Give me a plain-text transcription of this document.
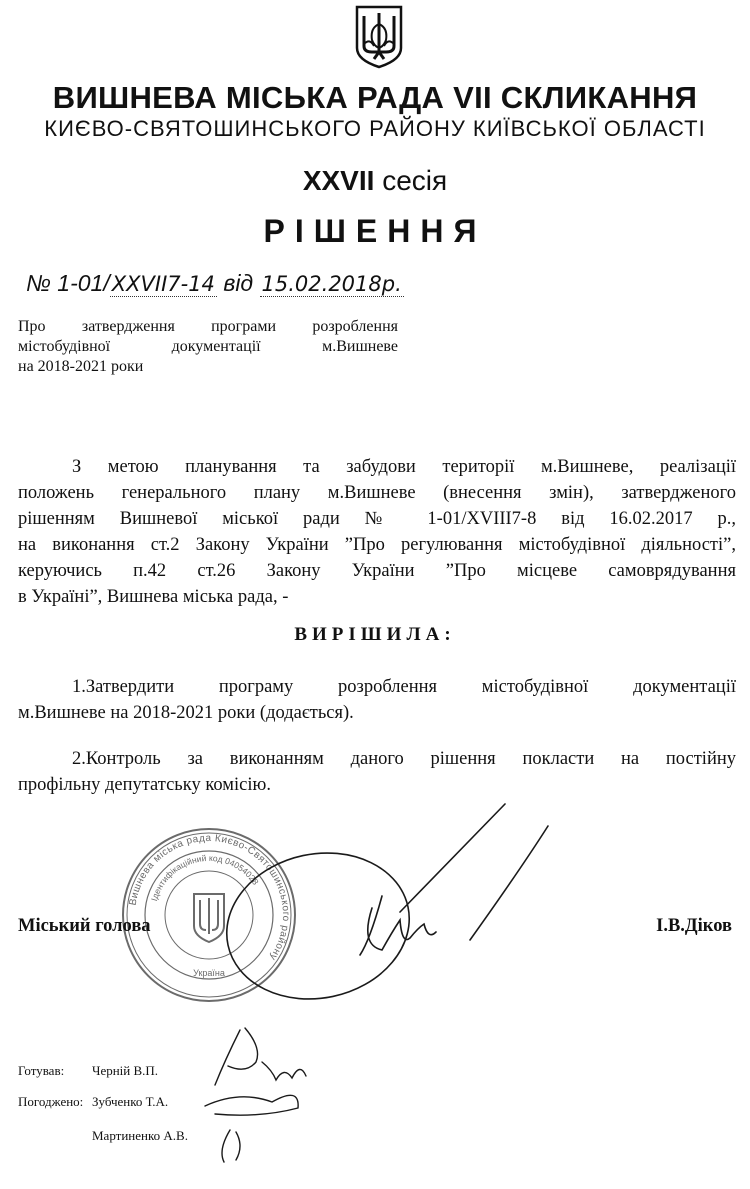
ВИШНЕВА МІСЬКА РАДА VII СКЛИКАННЯ
КИЄВО-СВЯТОШИНСЬКОГО РАЙОНУ КИЇВСЬКОЇ ОБЛАСТІ
XXVII сесія
РІШЕННЯ
№ 1-01/XXVII7-14 від 15.02.2018р.
Про затвердження програми розроблення
містобудівної документації м.Вишневе
на 2018-2021 роки
З метою планування та забудови території м.Вишневе, реалізації
положень генерального плану м.Вишневе (внесення змін), затвердженого
рішенням Вишневої міської ради № 1-01/XVIII7-8 від 16.02.2017 р.,
на виконання ст.2 Закону України ”Про регулювання містобудівної діяльності”,
керуючись п.42 ст.26 Закону України ”Про місцеве самоврядування
в Україні”, Вишнева міська рада, -
ВИРІШИЛА:
1.Затвердити програму розроблення містобудівної документації
м.Вишневе на 2018-2021 роки (додається).
2.Контроль за виконанням даного рішення покласти на постійну
профільну депутатську комісію.
Вишнева міська рада Києво-Святошинського району
Ідентифікаційний код 04054028
Україна
Міський голова	І.В.Діков
Готував: Черній В.П.
Погоджено: Зубченко Т.А.
Мартиненко А.В.
